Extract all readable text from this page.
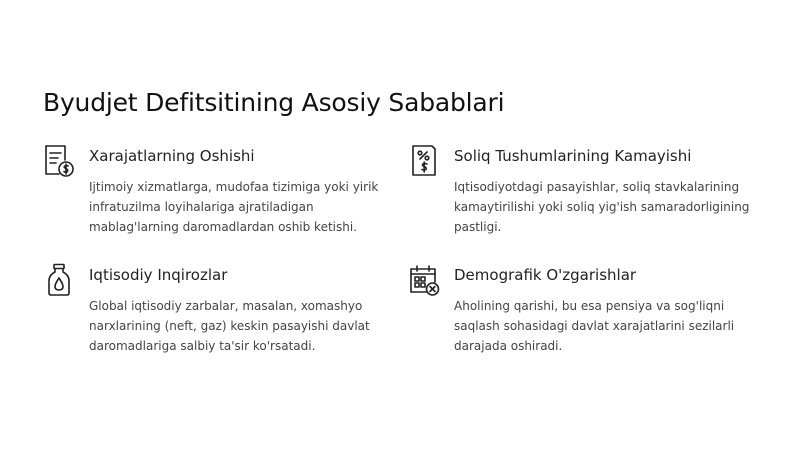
Byudjet Defitsitining Asosiy Sabablari
Xarajatlarning Oshishi

Ijtimoiy xizmatlarga, mudofaa tizimiga yoki yirik infratuzilma loyihalariga ajratiladigan mablag'larning daromadlardan oshib ketishi.

Soliq Tushumlarining Kamayishi

Iqtisodiyotdagi pasayishlar, soliq stavkalarining kamaytirilishi yoki soliq yig'ish samaradorligining pastligi.

Iqtisodiy Inqirozlar

Global iqtisodiy zarbalar, masalan, xomashyo narxlarining (neft, gaz) keskin pasayishi davlat daromadlariga salbiy ta'sir ko'rsatadi.

Demografik O'zgarishlar

Aholining qarishi, bu esa pensiya va sog'liqni saqlash sohasidagi davlat xarajatlarini sezilarli darajada oshiradi.
